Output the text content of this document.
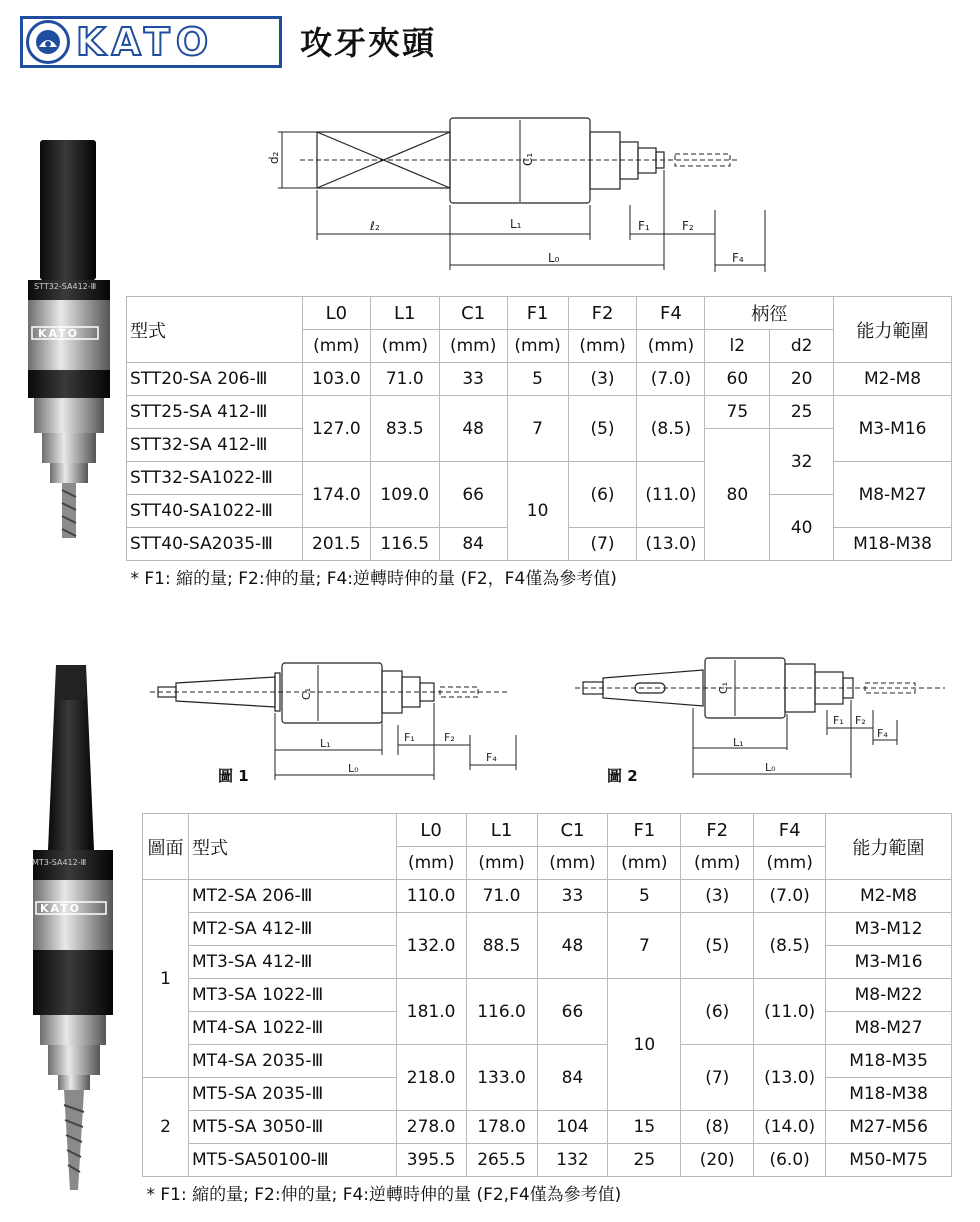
KATO	攻牙夾頭
STT32-SA412-Ⅲ
KATO
d₂
ℓ₂	L₁
L₀
C₁
F₁	F₂
F₄
型式	L0	L1	C1	F1	F2	F4	柄徑		能力範圍
	(mm)	(mm)	(mm)	(mm)	(mm)	(mm)	l2	d2	
STT20-SA 206-Ⅲ	103.0	71.0	33	5	(3)	(7.0)	60	20	M2-M8
STT25-SA 412-Ⅲ	127.0	83.5	48	7	(5)	(8.5)	75	25	M3-M16
STT32-SA 412-Ⅲ							80	32	
STT32-SA1022-Ⅲ	174.0	109.0	66	10	(6)	(11.0)			M8-M27
STT40-SA1022-Ⅲ								40	
STT40-SA2035-Ⅲ	201.5	116.5	84		(7)	(13.0)			M18-M38
* F1: 縮的量; F2:伸的量; F4:逆轉時伸的量 (F2，F4僅為參考值)									
MT3-SA412-Ⅲ
KATO
L₁
L₀
C₁
F₁	F₂
F₄
圖 1
L₁
L₀
C₁
F₁ F₂
F₄
圖 2
圖面	型式	L0	L1	C1	F1	F2	F4	能力範圍
		(mm)	(mm)	(mm)	(mm)	(mm)	(mm)	
1	MT2-SA 206-Ⅲ	110.0	71.0	33	5	(3)	(7.0)	M2-M8
	MT2-SA 412-Ⅲ	132.0	88.5	48	7	(5)	(8.5)	M3-M12
	MT3-SA 412-Ⅲ							M3-M16
	MT3-SA 1022-Ⅲ	181.0	116.0	66	10	(6)	(11.0)	M8-M22
	MT4-SA 1022-Ⅲ							M8-M27
	MT4-SA 2035-Ⅲ	218.0	133.0	84		(7)	(13.0)	M18-M35
2	MT5-SA 2035-Ⅲ							M18-M38
	MT5-SA 3050-Ⅲ	278.0	178.0	104	15	(8)	(14.0)	M27-M56
	MT5-SA50100-Ⅲ	395.5	265.5	132	25	(20)	(6.0)	M50-M75
* F1: 縮的量; F2:伸的量; F4:逆轉時伸的量 (F2,F4僅為參考值)								
